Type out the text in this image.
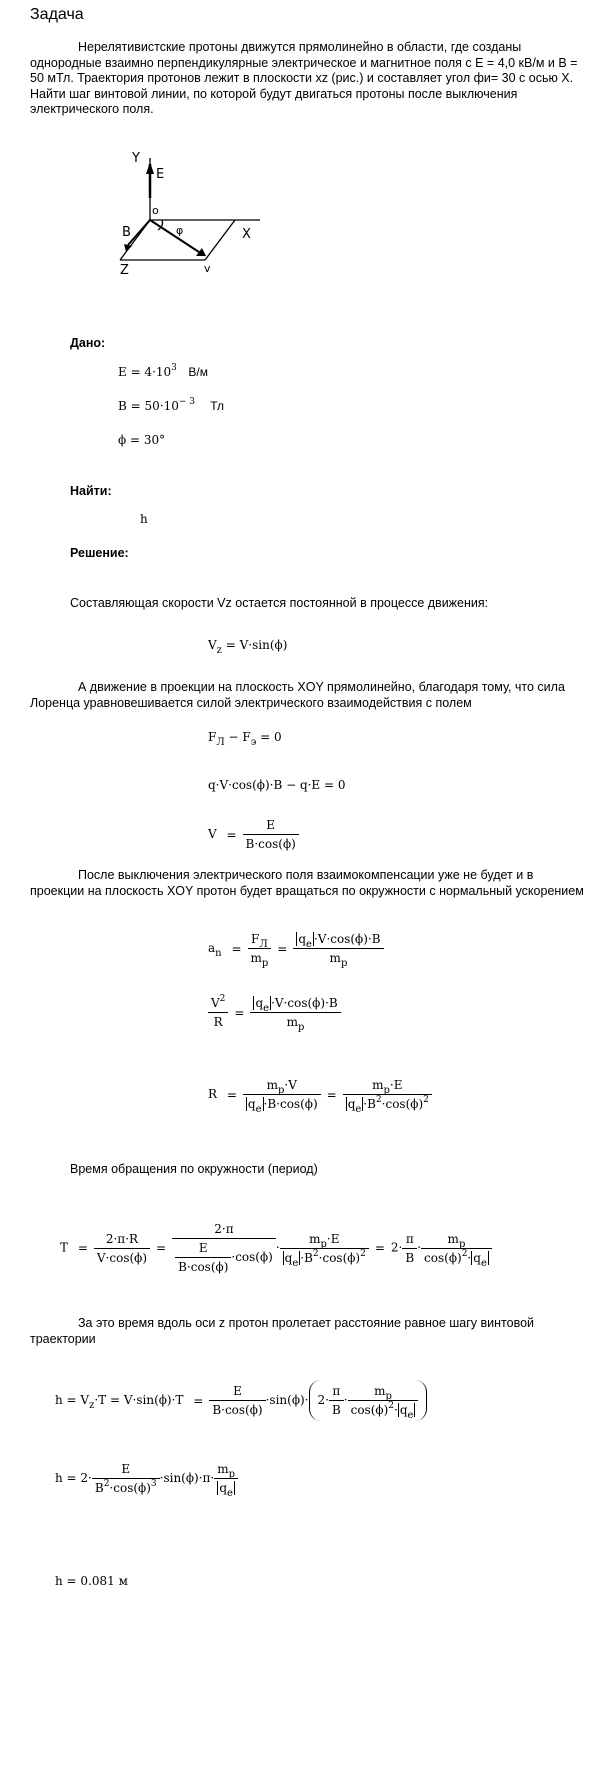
Задача
Нерелятивистские протоны движутся прямолинейно в области, где созданы однородные взаимно перпендикулярные электрическое и магнитное поля с E = 4,0 кВ/м и B = 50 мТл. Траектория протонов лежит в плоскости xz (рис.) и составляет угол фи= 30 с осью X. Найти шаг винтовой линии, по которой будут двигаться протоны после выключения электрического поля.
Y
E
o
φ	X
B
Z	v
Дано:
$E = 4\cdot 10^3$ В/м
$B = 50\cdot 10^{- 3}$ Тл
ϕ = 30°
Найти:
h
Решение:
Составляющая скорости Vz остается постоянной в процессе движения:
$V_z = V\cdot\sin(\phi)$
А движение в проекции на плоскость XOY прямолинейно, благодаря тому, что сила Лоренца уравновешивается силой электрического взаимодействия с полем
$F_Л - F_э = 0$
q·V·cos(ϕ)·B − q·E = 0
$V = \frac{E}{B\cdot\cos(\phi)}$
После выключения электрического поля взаимокомпенсации уже не будет и в проекции на плоскость XOY протон будет вращаться по окружности с нормальный ускорением
$a_n = \frac{F_Л}{m_p} = \frac{q_e \cdot V\cdot\cos(\phi)\cdot B}{m_p}$
$\frac{V^2}{R} = \frac{q_e \cdot V\cdot\cos(\phi)\cdot B}{m_p}$
$R = \frac{m_p\cdot V}{q_e \cdot B\cdot\cos(\phi)} = \frac{m_p\cdot E}{q_e \cdot B^2\cdot\cos(\phi)^2}$
Время обращения по окружности (период)
$T = \frac{2\cdot\pi\cdot R}{V\cdot\cos(\phi)} = \frac{2\cdot\pi}{\frac{E}{B\cdot\cos(\phi)} \cdot\cos(\phi)} \cdot \frac{m_p\cdot E}{q_e \cdot B^2\cdot\cos(\phi)^2} = 2\cdot \frac{\pi}{B} \cdot \frac{m_p}{\cos(\phi)^2\cdot q_e}$
За это время вдоль оси z протон пролетает расстояние равное шагу винтовой траектории
$h = V_z\cdot T = V\cdot\sin(\phi)\cdot T = \frac{E}{B\cdot\cos(\phi)} \cdot\sin(\phi)\cdot 2\cdot \frac{\pi}{B} \cdot \frac{m_p}{\cos(\phi)^2\cdot q_e}$
$h = 2\cdot \frac{E}{B^2\cdot\cos(\phi)^3} \cdot\sin(\phi)\cdot\pi\cdot \frac{m_p}{q_e}$
h = 0.081 м
